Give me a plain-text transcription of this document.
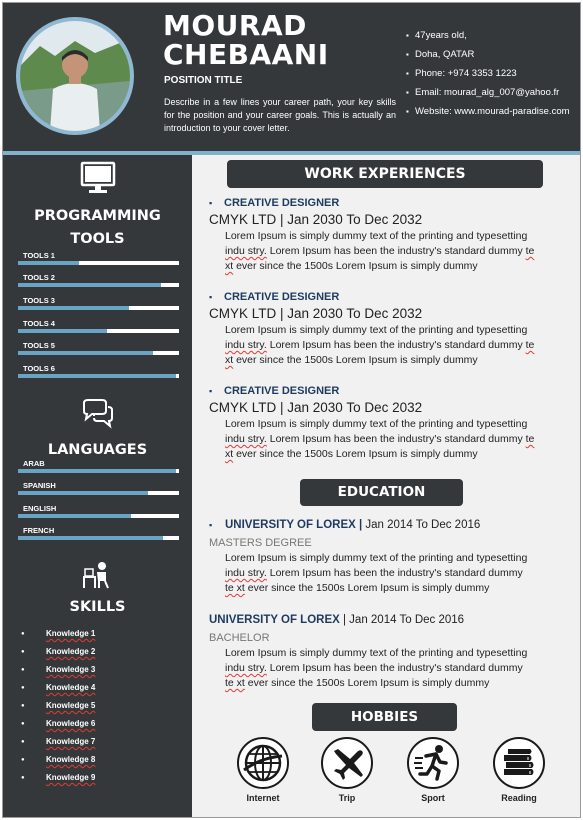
MOURAD
CHEBAANI
POSITION TITLE
Describe in a few lines your career path, your key skills for the position and your career goals. This is actually an introduction to your cover letter.
▪ 47years old,
▪ Doha, QATAR
▪ Phone: +974 3353 1223
▪ Email: mourad_alg_007@yahoo.fr
▪ Website: www.mourad-paradise.com
PROGRAMMING
TOOLS
TOOLS 1
TOOLS 2
TOOLS 3
TOOLS 4
TOOLS 5
TOOLS 6
LANGUAGES
ARAB
SPANISH
ENGLISH
FRENCH
SKILLS
● Knowledge 1
● Knowledge 2
● Knowledge 3
● Knowledge 4
● Knowledge 5
● Knowledge 6
● Knowledge 7
● Knowledge 8
● Knowledge 9
WORK EXPERIENCES
▪ CREATIVE DESIGNER
CMYK LTD | Jan 2030 To Dec 2032
Lorem Ipsum is simply dummy text of the printing and typesetting
indu stry. Lorem Ipsum has been the industry's standard dummy te
xt ever since the 1500s Lorem Ipsum is simply dummy
▪ CREATIVE DESIGNER
CMYK LTD | Jan 2030 To Dec 2032
Lorem Ipsum is simply dummy text of the printing and typesetting
indu stry. Lorem Ipsum has been the industry's standard dummy te
xt ever since the 1500s Lorem Ipsum is simply dummy
▪ CREATIVE DESIGNER
CMYK LTD | Jan 2030 To Dec 2032
Lorem Ipsum is simply dummy text of the printing and typesetting
indu stry. Lorem Ipsum has been the industry's standard dummy te
xt ever since the 1500s Lorem Ipsum is simply dummy
EDUCATION
▪ UNIVERSITY OF LOREX | Jan 2014 To Dec 2016
MASTERS DEGREE
Lorem Ipsum is simply dummy text of the printing and typesetting
indu stry. Lorem Ipsum has been the industry's standard dummy
te xt ever since the 1500s Lorem Ipsum is simply dummy
UNIVERSITY OF LOREX | Jan 2014 To Dec 2016
BACHELOR
Lorem Ipsum is simply dummy text of the printing and typesetting
indu stry. Lorem Ipsum has been the industry's standard dummy
te xt ever since the 1500s Lorem Ipsum is simply dummy
HOBBIES
Internet	Trip	Sport	Reading
